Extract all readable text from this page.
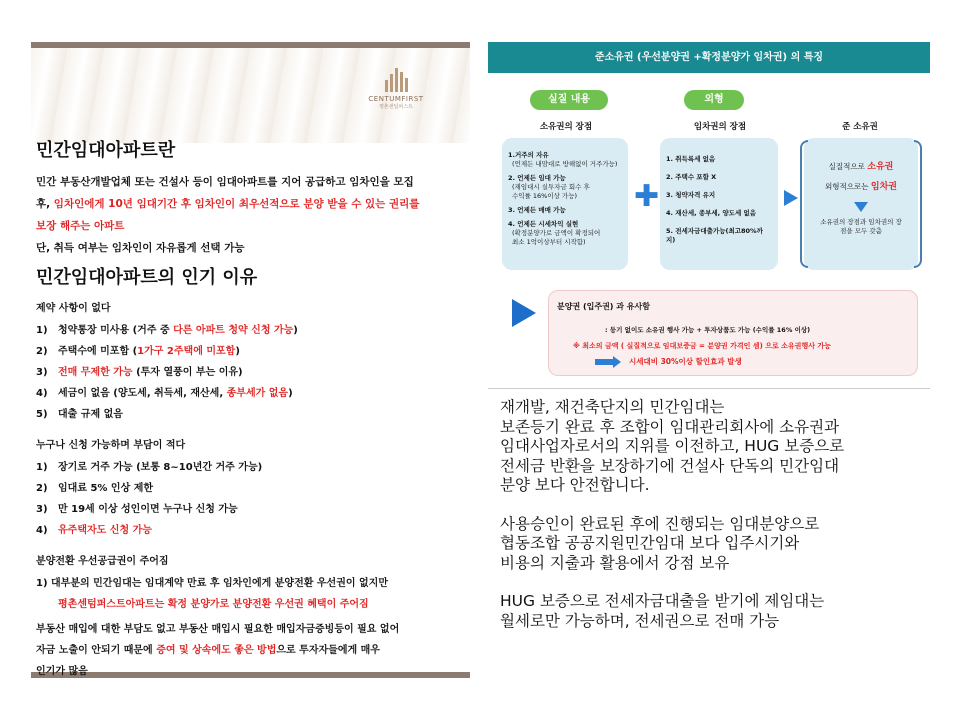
CENTUMFIRST
평촌센텀퍼스트
민간임대아파트란
민간 부동산개발업체 또는 건설사 등이 임대아파트를 지어 공급하고 임차인을 모집
후, 임차인에게 10년 임대기간 후 임차인이 최우선적으로 분양 받을 수 있는 권리를
보장 해주는 아파트
단, 취득 여부는 임차인이 자유롭게 선택 가능
민간임대아파트의 인기 이유
제약 사항이 없다
1) 청약통장 미사용 (거주 중 다른 아파트 청약 신청 가능)
2) 주택수에 미포함 (1가구 2주택에 미포함)
3) 전매 무제한 가능 (투자 열풍이 부는 이유)
4) 세금이 없음 (양도세, 취득세, 재산세, 종부세가 없음)
5) 대출 규제 없음
누구나 신청 가능하며 부담이 적다
1) 장기로 거주 가능 (보통 8~10년간 거주 가능)
2) 임대료 5% 인상 제한
3) 만 19세 이상 성인이면 누구나 신청 가능
4) 유주택자도 신청 가능
분양전환 우선공급권이 주어짐
1) 대부분의 민간임대는 임대계약 만료 후 임차인에게 분양전환 우선권이 없지만
평촌센텀퍼스트아파트는 확정 분양가로 분양전환 우선권 혜택이 주어짐
부동산 매입에 대한 부담도 없고 부동산 매입시 필요한 매입자금증빙등이 필요 없어
자금 노출이 안되기 때문에 증여 및 상속에도 좋은 방법으로 투자자들에게 매우
인기가 많음
준소유권 (우선분양권 +확정분양가 임차권) 의 특징
실질 내용	외형
소유권의 장점	임차권의 장점	준 소유권
1.거주의 자유
(언제든 내맘대로 방해없이 거주가능)
2. 언제든 임대 가능
(재임대시 실투자금 회수 후
수익률 16%이상 가능)
3. 언제든 매매 가능
4. 언제든 시세차익 실현
(확정분양가로 금액이 확정되어
최소 1억이상부터 시작함)
✚
1. 취득록세 없음
2. 주택수 포함 X
3. 청약자격 유지
4. 재산세, 종부세, 양도세 없음
5. 전세자금대출가능(최고80%까
지)
실질적으로 소유권
외형적으로는 임차권
소유권의 장점과 임차권의 장점을 모두 갖춤
분양권 (입주권) 과 유사함
: 등기 없이도 소유권 행사 가능 + 투자상품도 가능 (수익률 16% 이상)
※ 최소의 금액 ( 실질적으로 임대보증금 = 분양권 가격인 셈) 으로 소유권행사 가능
시세대비 30%이상 할인효과 발생

재개발, 재건축단지의 민간임대는
보존등기 완료 후 조합이 임대관리회사에 소유권과
임대사업자로서의 지위를 이전하고, HUG 보증으로
전세금 반환을 보장하기에 건설사 단독의 민간임대
분양 보다 안전합니다.

사용승인이 완료된 후에 진행되는 임대분양으로
협동조합 공공지원민간임대 보다 입주시기와
비용의 지출과 활용에서 강점 보유

HUG 보증으로 전세자금대출을 받기에 제임대는
월세로만 가능하며, 전세권으로 전매 가능
